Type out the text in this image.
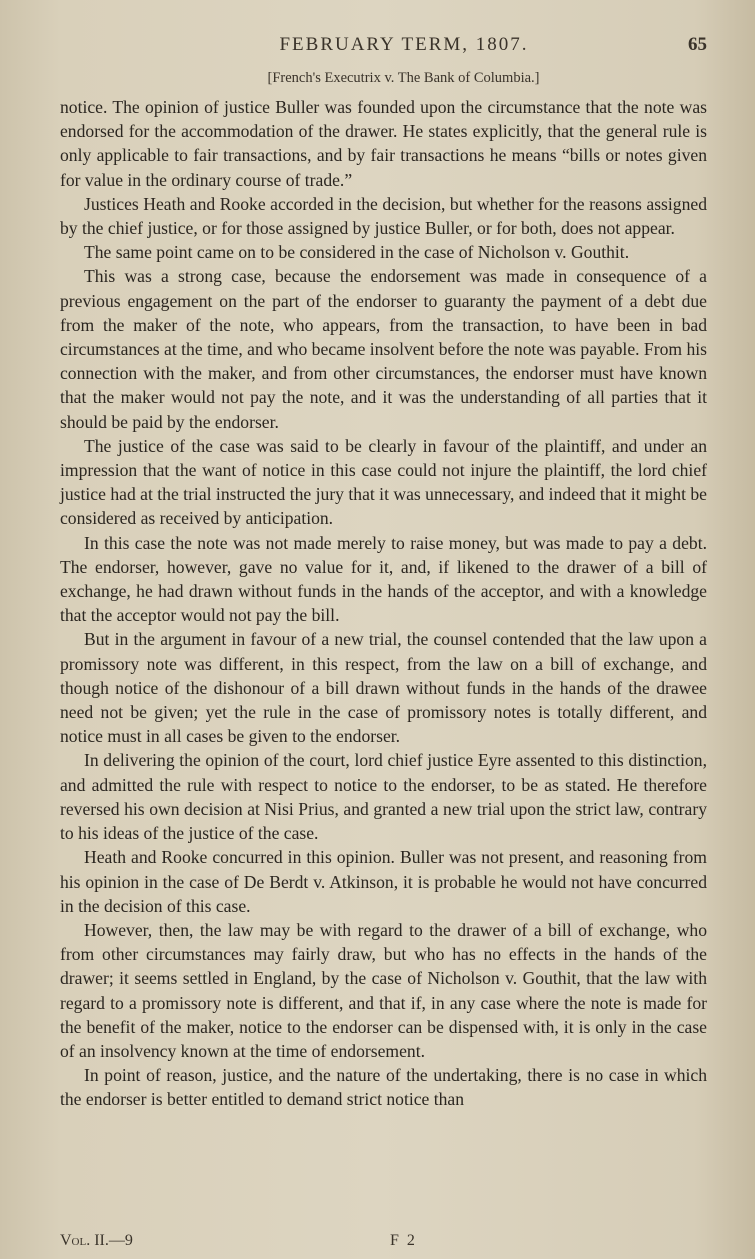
FEBRUARY TERM, 1807.	65
[French's Executrix v. The Bank of Columbia.]

notice. The opinion of justice Buller was founded upon the circumstance that the note was endorsed for the accommodation of the drawer. He states explicitly, that the general rule is only applicable to fair transactions, and by fair transactions he means “bills or notes given for value in the ordinary course of trade.”

Justices Heath and Rooke accorded in the decision, but whether for the reasons assigned by the chief justice, or for those assigned by justice Buller, or for both, does not appear.

The same point came on to be considered in the case of Nicholson v. Gouthit.

This was a strong case, because the endorsement was made in consequence of a previous engagement on the part of the endorser to guaranty the payment of a debt due from the maker of the note, who appears, from the transaction, to have been in bad circumstances at the time, and who became insolvent before the note was payable. From his connection with the maker, and from other circumstances, the endorser must have known that the maker would not pay the note, and it was the understanding of all parties that it should be paid by the endorser.

The justice of the case was said to be clearly in favour of the plaintiff, and under an impression that the want of notice in this case could not injure the plaintiff, the lord chief justice had at the trial instructed the jury that it was unnecessary, and indeed that it might be considered as received by anticipation.

In this case the note was not made merely to raise money, but was made to pay a debt. The endorser, however, gave no value for it, and, if likened to the drawer of a bill of exchange, he had drawn without funds in the hands of the acceptor, and with a knowledge that the acceptor would not pay the bill.

But in the argument in favour of a new trial, the counsel contended that the law upon a promissory note was different, in this respect, from the law on a bill of exchange, and though notice of the dishonour of a bill drawn without funds in the hands of the drawee need not be given; yet the rule in the case of promissory notes is totally different, and notice must in all cases be given to the endorser.

In delivering the opinion of the court, lord chief justice Eyre assented to this distinction, and admitted the rule with respect to notice to the endorser, to be as stated. He therefore reversed his own decision at Nisi Prius, and granted a new trial upon the strict law, contrary to his ideas of the justice of the case.

Heath and Rooke concurred in this opinion. Buller was not present, and reasoning from his opinion in the case of De Berdt v. Atkinson, it is probable he would not have concurred in the decision of this case.

However, then, the law may be with regard to the drawer of a bill of exchange, who from other circumstances may fairly draw, but who has no effects in the hands of the drawer; it seems settled in England, by the case of Nicholson v. Gouthit, that the law with regard to a promissory note is different, and that if, in any case where the note is made for the benefit of the maker, notice to the endorser can be dispensed with, it is only in the case of an insolvency known at the time of endorsement.

In point of reason, justice, and the nature of the undertaking, there is no case in which the endorser is better entitled to demand strict notice than

Vol. II.—9	F 2
